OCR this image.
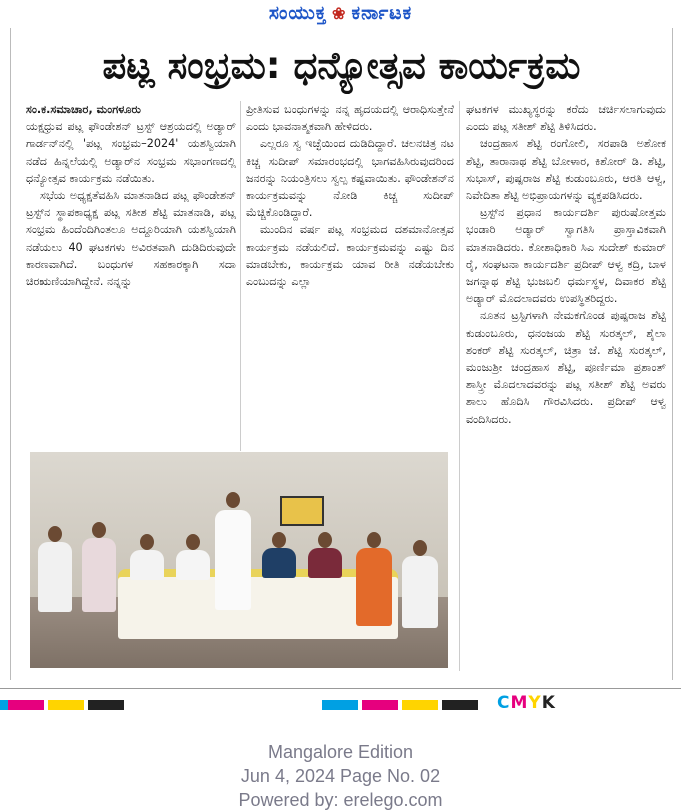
ಸಂಯುಕ್ತ ❀ ಕರ್ನಾಟಕ
ಪಟ್ಲ ಸಂಭ್ರಮ: ಧನ್ಯೋತ್ಸವ ಕಾರ್ಯಕ್ರಮ

ಸಂ.ಕ.ಸಮಾಚಾರ, ಮಂಗಳೂರು

ಯಕ್ಷಧ್ರುವ ಪಟ್ಲ ಫೌಂಡೇಶನ್ ಟ್ರಸ್ಟ್ ಆಶ್ರಯದಲ್ಲಿ ಅಡ್ಯಾರ್ ಗಾರ್ಡನ್‌ನಲ್ಲಿ 'ಪಟ್ಲ ಸಂಭ್ರಮ–2024' ಯಶಸ್ವಿಯಾಗಿ ನಡೆದ ಹಿನ್ನಲೆಯಲ್ಲಿ ಅಡ್ಯಾರ್‌ನ ಸಂಭ್ರಮ ಸಭಾಂಗಣದಲ್ಲಿ ಧನ್ಯೋತ್ಸವ ಕಾರ್ಯಕ್ರಮ ನಡೆಯಿತು.

ಸಭೆಯ ಅಧ್ಯಕ್ಷತೆವಹಿಸಿ ಮಾತನಾಡಿದ ಪಟ್ಲ ಫೌಂಡೇಶನ್ ಟ್ರಸ್ಟ್‌ನ ಸ್ಥಾಪಕಾಧ್ಯಕ್ಷ ಪಟ್ಲ ಸತೀಶ ಶೆಟ್ಟಿ ಮಾತನಾಡಿ, ಪಟ್ಲ ಸಂಭ್ರಮ ಹಿಂದೆಂದಿಗಿಂತಲೂ ಅದ್ದೂರಿಯಾಗಿ ಯಶಸ್ವಿಯಾಗಿ ನಡೆಯಲು 40 ಘಟಕಗಳು ಅವಿರತವಾಗಿ ದುಡಿದಿರುವುದೇ ಕಾರಣವಾಗಿದೆ. ಬಂಧುಗಳ ಸಹಕಾರಕ್ಕಾಗಿ ಸದಾ ಚಿರಋಣಿಯಾಗಿದ್ದೇನೆ. ನನ್ನನ್ನು

ಪ್ರೀತಿಸುವ ಬಂಧುಗಳನ್ನು ನನ್ನ ಹೃದಯದಲ್ಲಿ ಆರಾಧಿಸುತ್ತೇನೆ ಎಂದು ಭಾವನಾತ್ಮಕವಾಗಿ ಹೇಳಿದರು.

ಎಲ್ಲರೂ ಸ್ವ ಇಚ್ಛೆಯಿಂದ ದುಡಿದಿದ್ದಾರೆ. ಚಲನಚಿತ್ರ ನಟ ಕಿಚ್ಚ ಸುದೀಪ್ ಸಮಾರಂಭದಲ್ಲಿ ಭಾಗವಹಿಸಿರುವುದರಿಂದ ಜನರನ್ನು ನಿಯಂತ್ರಿಸಲು ಸ್ವಲ್ಪ ಕಷ್ಟವಾಯಿತು. ಫೌಂಡೇಶನ್‌ನ ಕಾರ್ಯಕ್ರಮವನ್ನು ನೋಡಿ ಕಿಚ್ಚ ಸುದೀಪ್ ಮೆಚ್ಚಿಕೊಂಡಿದ್ದಾರೆ.

ಮುಂದಿನ ವರ್ಷ ಪಟ್ಲ ಸಂಭ್ರಮದ ದಶಮಾನೋತ್ಸವ ಕಾರ್ಯಕ್ರಮ ನಡೆಯಲಿದೆ. ಕಾರ್ಯಕ್ರಮವನ್ನು ಎಷ್ಟು ದಿನ ಮಾಡಬೇಕು, ಕಾರ್ಯಕ್ರಮ ಯಾವ ರೀತಿ ನಡೆಯಬೇಕು ಎಂಬುದನ್ನು ಎಲ್ಲಾ

ಘಟಕಗಳ ಮುಖ್ಯಸ್ಥರನ್ನು ಕರೆದು ಚರ್ಚಿಸಲಾಗುವುದು ಎಂದು ಪಟ್ಲ ಸತೀಶ್ ಶೆಟ್ಟಿ ತಿಳಿಸಿದರು.

ಚಂದ್ರಹಾಸ ಶೆಟ್ಟಿ ರಂಗೋಲಿ, ಸರಪಾಡಿ ಅಶೋಕ ಶೆಟ್ಟಿ, ತಾರಾನಾಥ ಶೆಟ್ಟಿ ಬೋಳಾರ, ಕಿಶೋರ್ ಡಿ. ಶೆಟ್ಟಿ, ಸುಭಾಸ್, ಪುಷ್ಪರಾಜ ಶೆಟ್ಟಿ ಕುಡುಂಬೂರು, ಆರತಿ ಆಳ್ವ, ನಿವೇದಿತಾ ಶೆಟ್ಟಿ ಅಭಿಪ್ರಾಯಗಳನ್ನು ವ್ಯಕ್ತಪಡಿಸಿದರು.

ಟ್ರಸ್ಟ್‌ನ ಪ್ರಧಾನ ಕಾರ್ಯದರ್ಶಿ ಪುರುಷೋತ್ತಮ ಭಂಡಾರಿ ಅಡ್ಯಾರ್ ಸ್ವಾಗತಿಸಿ ಪ್ರಾಸ್ತಾವಿಕವಾಗಿ ಮಾತನಾಡಿದರು. ಕೋಶಾಧಿಕಾರಿ ಸಿಎ ಸುದೇಶ್ ಕುಮಾರ್ ರೈ, ಸಂಘಟನಾ ಕಾರ್ಯದರ್ಶಿ ಪ್ರದೀಪ್ ಆಳ್ವ ಕದ್ರಿ, ಬಾಳ ಜಗನ್ನಾಥ ಶೆಟ್ಟಿ ಭುಜಬಲಿ ಧರ್ಮಸ್ಥಳ, ದಿವಾಕರ ಶೆಟ್ಟಿ ಅಡ್ಯಾರ್ ಮೊದಲಾದವರು ಉಪಸ್ಥಿತರಿದ್ದರು.

ನೂತನ ಟ್ರಸ್ಟಿಗಳಾಗಿ ನೇಮಕಗೊಂಡ ಪುಷ್ಪರಾಜ ಶೆಟ್ಟಿ ಕುಡುಂಬೂರು, ಧನಂಜಯ ಶೆಟ್ಟಿ ಸುರತ್ಕಲ್, ಶೈಲಾ ಶಂಕರ್ ಶೆಟ್ಟಿ ಸುರತ್ಕಲ್, ಚಿತ್ರಾ ಜೆ. ಶೆಟ್ಟಿ ಸುರತ್ಕಲ್, ಮಂಜುಶ್ರೀ ಚಂದ್ರಹಾಸ ಶೆಟ್ಟಿ, ಪೂರ್ಣಿಮಾ ಪ್ರಶಾಂತ್ ಶಾಸ್ತ್ರೀ ಮೊದಲಾದವರನ್ನು ಪಟ್ಲ ಸತೀಶ್ ಶೆಟ್ಟಿ ಅವರು ಶಾಲು ಹೊದಿಸಿ ಗೌರವಿಸಿದರು. ಪ್ರದೀಪ್ ಆಳ್ವ ವಂದಿಸಿದರು.

CMYK
Mangalore Edition
Jun 4, 2024 Page No. 02
Powered by: erelego.com
